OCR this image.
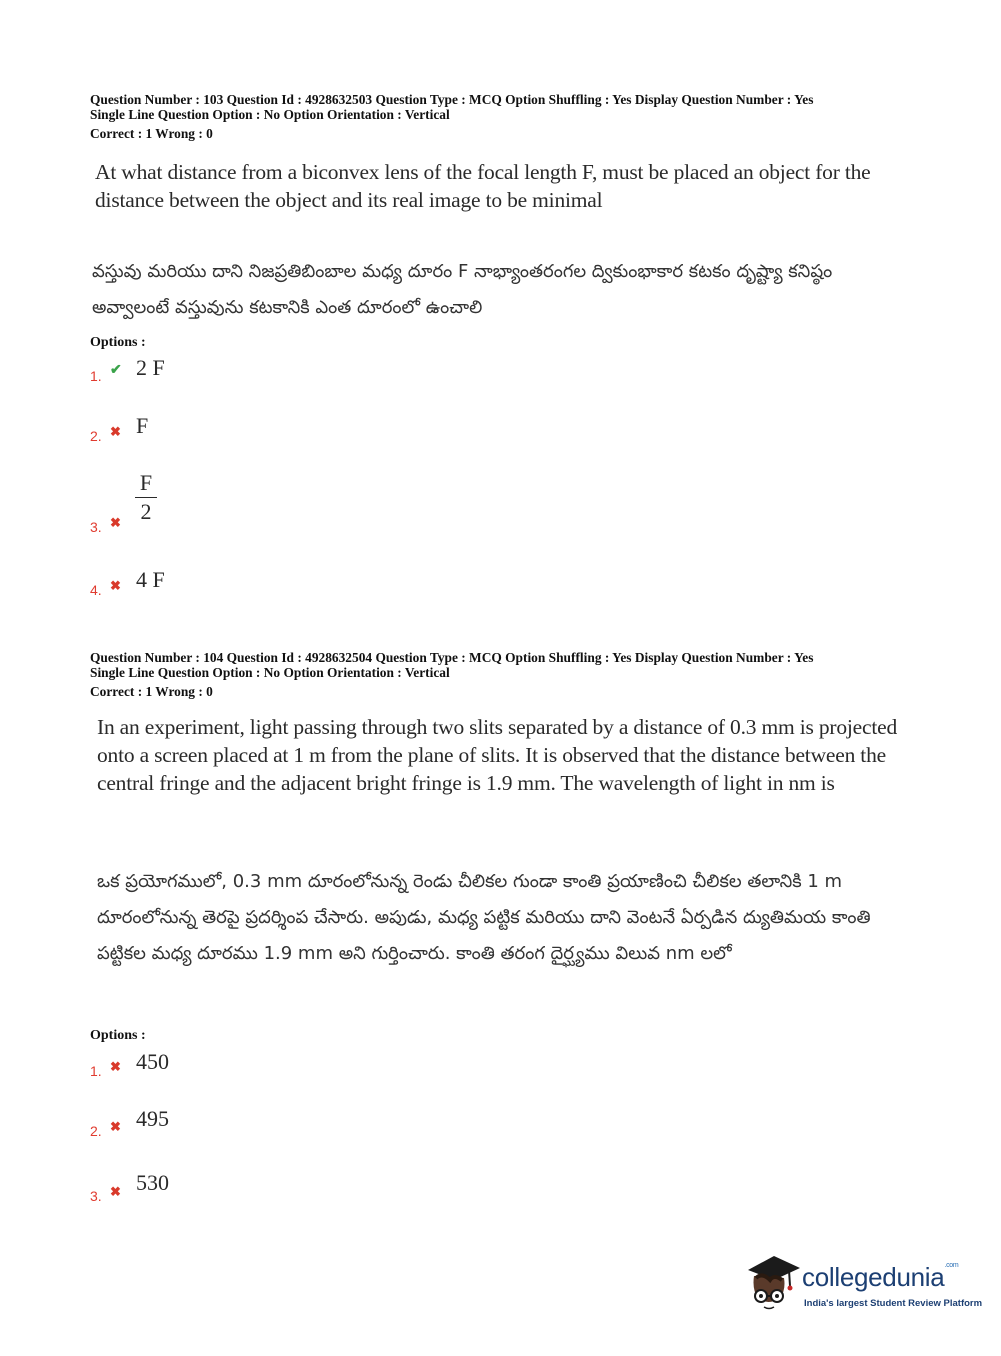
Question Number : 103 Question Id : 4928632503 Question Type : MCQ Option Shuffling : Yes Display Question Number : Yes
Single Line Question Option : No Option Orientation : Vertical
Correct : 1 Wrong : 0
At what distance from a biconvex lens of the focal length F, must be placed an object for the distance between the object and its real image to be minimal
వస్తువు మరియు దాని నిజప్రతిబింబాల మధ్య దూరం F నాభ్యాంతరంగల ద్వికుంభాకార కటకం దృష్ట్యా కనిష్ఠం అవ్వాలంటే వస్తువును కటకానికి ఎంత దూరంలో ఉంచాలి
Options :
1. ✔ 2 F
2. ✖ F
3. ✖
F
2
4. ✖ 4 F
Question Number : 104 Question Id : 4928632504 Question Type : MCQ Option Shuffling : Yes Display Question Number : Yes
Single Line Question Option : No Option Orientation : Vertical
Correct : 1 Wrong : 0
In an experiment, light passing through two slits separated by a distance of 0.3 mm is projected onto a screen placed at 1 m from the plane of slits. It is observed that the distance between the central fringe and the adjacent bright fringe is 1.9 mm. The wavelength of light in nm is
ఒక ప్రయోగములో, 0.3 mm దూరంలోనున్న రెండు చీలికల గుండా కాంతి ప్రయాణించి చీలికల తలానికి 1 m దూరంలోనున్న తెరపై ప్రదర్శింప చేసారు. అపుడు, మధ్య పట్టిక మరియు దాని వెంటనే ఏర్పడిన ద్యుతిమయ కాంతి పట్టికల మధ్య దూరము 1.9 mm అని గుర్తించారు. కాంతి తరంగ దైర్ఘ్యము విలువ nm లలో
Options :
1. ✖ 450
2. ✖ 495
3. ✖ 530
collegedunia$^{.com}$
India's largest Student Review Platform
